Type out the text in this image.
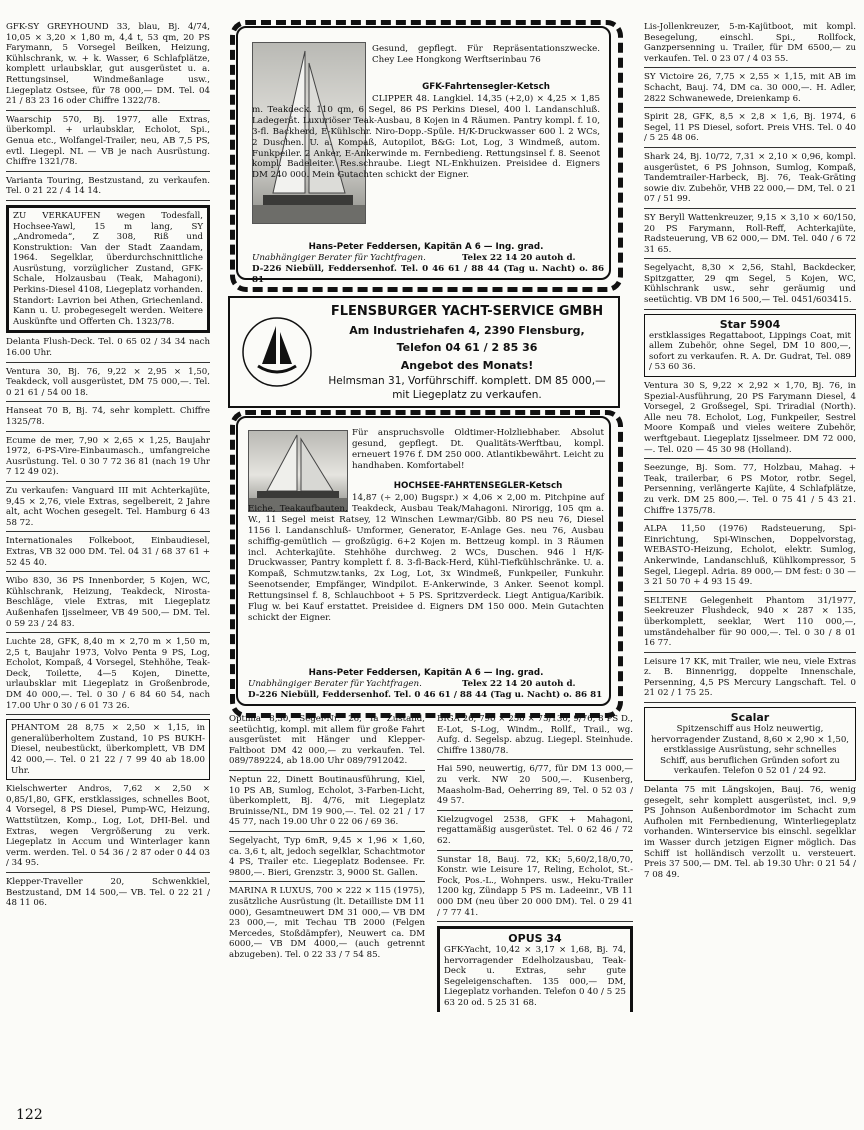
GFK-SY GREYHOUND 33, blau, Bj. 4/74, 10,05 × 3,20 × 1,80 m, 4,4 t, 53 qm, 20 PS Farymann, 5 Vorsegel Beilken, Heizung, Kühlschrank, w. + k. Wasser, 6 Schlafplätze, komplett urlaubsklar, gut ausgerüstet u. a. Rettungsinsel, Windmeßanlage usw., Liegeplatz Ostsee, für 78 000,— DM. Tel. 04 21 / 83 23 16 oder Chiffre 1322/78.
Waarschip 570, Bj. 1977, alle Extras, überkompl. + urlaubsklar, Echolot, Spi., Genua etc., Wolfangel-Trailer, neu, AB 7,5 PS, evtl. Liegepl. NL — VB je nach Ausrüstung. Chiffre 1321/78.
Varianta Touring, Bestzustand, zu verkaufen. Tel. 0 21 22 / 4 14 14.
ZU VERKAUFEN wegen Todesfall, Hochsee-Yawl, 15 m lang, SY „Andromeda“, Z 308, Riß und Konstruktion: Van der Stadt Zaandam, 1964. Segelklar, überdurchschnittliche Ausrüstung, vorzüglicher Zustand, GFK-Schale, Holzausbau (Teak, Mahagoni), Perkins-Diesel 4108, Liegeplatz vorhanden. Standort: Lavrion bei Athen, Griechenland. Kann u. U. probegesegelt werden. Weitere Auskünfte und Offerten Ch. 1323/78.
Delanta Flush-Deck. Tel. 0 65 02 / 34 34 nach 16.00 Uhr.
Ventura 30, Bj. 76, 9,22 × 2,95 × 1,50, Teakdeck, voll ausgerüstet, DM 75 000,—. Tel. 0 21 61 / 54 00 18.
Hanseat 70 B, Bj. 74, sehr komplett. Chiffre 1325/78.
Ecume de mer, 7,90 × 2,65 × 1,25, Baujahr 1972, 6-PS-Vire-Einbaumasch., umfangreiche Ausrüstung. Tel. 0 30 7 72 36 81 (nach 19 Uhr 7 12 49 02).
Zu verkaufen: Vanguard III mit Achterkajüte, 9,45 × 2,76, viele Extras, segelbereit, 2 Jahre alt, acht Wochen gesegelt. Tel. Hamburg 6 43 58 72.
Internationales Folkeboot, Einbaudiesel, Extras, VB 32 000 DM. Tel. 04 31 / 68 37 61 + 52 45 40.
Wibo 830, 36 PS Innenborder, 5 Kojen, WC, Kühlschrank, Heizung, Teakdeck, Nirosta-Beschläge, viele Extras, mit Liegeplatz Außenhafen Ijsselmeer, VB 49 500,— DM. Tel. 0 59 23 / 24 83.
Luchte 28, GFK, 8,40 m × 2,70 m × 1,50 m, 2,5 t, Baujahr 1973, Volvo Penta 9 PS, Log, Echolot, Kompaß, 4 Vorsegel, Stehhöhe, Teak-Deck, Toilette, 4—5 Kojen, Dinette, urlaubsklar mit Liegeplatz in Großenbrode, DM 40 000,—. Tel. 0 30 / 6 84 60 54, nach 17.00 Uhr 0 30 / 6 01 73 26.
PHANTOM 28 8,75 × 2,50 × 1,15, in generalüberholtem Zustand, 10 PS BUKH-Diesel, neubestückt, überkomplett, VB DM 42 000,—. Tel. 0 21 22 / 7 99 40 ab 18.00 Uhr.
Kielschwerter Andros, 7,62 × 2,50 × 0,85/1,80, GFK, erstklassiges, schnelles Boot, 4 Vorsegel, 8 PS Diesel, Pump-WC, Heizung, Wattstützen, Komp., Log, Lot, DHI-Bel. und Extras, wegen Vergrößerung zu verk. Liegeplatz in Accum und Winterlager kann verm. werden. Tel. 0 54 36 / 2 87 oder 0 44 03 / 34 95.
Klepper-Traveller 20, Schwenkkiel, Bestzustand, DM 14 500,— VB. Tel. 0 22 21 / 48 11 06.
Gesund, gepflegt. Für Repräsentationszwecke. Chey Lee Hongkong Werftserinbau 76
GFK-Fahrtensegler-Ketsch
CLIPPER 48. Langkiel. 14,35 (+2,0) × 4,25 × 1,85 m. Teakdeck. 110 qm, 6 Segel, 86 PS Perkins Diesel, 400 l. Landanschluß. Ladegerät. Luxuriöser Teak-Ausbau, 8 Kojen in 4 Räumen. Pantry kompl. f. 10, 3-fl. Backherd, E-Kühlschr. Niro-Dopp.-Spüle. H/K-Druckwasser 600 l. 2 WCs, 2 Duschen. U. a. Kompaß, Autopilot, B&G: Lot, Log, 3 Windmeß, autom. Funkpeiler. 2 Anker, E-Ankerwinde m. Fernbedieng. Rettungsinsel f. 8. Seenot kompl. Badeleiter. Res.schraube. Liegt NL-Enkhuizen. Preisidee d. Eigners DM 240 000. Mein Gutachten schickt der Eigner.
Hans-Peter Feddersen, Kapitän A 6 — Ing. grad.
Unabhängiger Berater für Yachtfragen.	Telex 22 14 20 autoh d.
D-226 Niebüll, Feddersenhof. Tel. 0 46 61 / 88 44 (Tag u. Nacht) o. 86 81
FLENSBURGER YACHT-SERVICE GMBH
Am Industriehafen 4, 2390 Flensburg,
Telefon 04 61 / 2 85 36
Angebot des Monats!
Helmsman 31, Vorführschiff. komplett. DM 85 000,—
mit Liegeplatz zu verkaufen.
Für anspruchsvolle Oldtimer-Holzliebhaber. Absolut gesund, gepflegt. Dt. Qualitäts-Werftbau, kompl. erneuert 1976 f. DM 250 000. Atlantikbewährt. Leicht zu handhaben. Komfortabel!
HOCHSEE-FAHRTENSEGLER-Ketsch
14,87 (÷ 2,00) Bugspr.) × 4,06 × 2,00 m. Pitchpine auf Eiche, Teakaufbauten, Teakdeck, Ausbau Teak/Mahagoni. Nirorigg, 105 qm a. W., 11 Segel meist Ratsey, 12 Winschen Lewmar/Gibb. 80 PS neu 76, Diesel 1156 l. Landanschluß- Umformer, Generator, E-Anlage Ges. neu 76, Ausbau schiffig-gemütlich — großzügig. 6+2 Kojen m. Bettzeug kompl. in 3 Räumen incl. Achterkajüte. Stehhöhe durchweg. 2 WCs, Duschen. 946 l H/K-Druckwasser, Pantry komplett f. 8. 3-fl-Back-Herd, Kühl-Tiefkühlschränke. U. a. Kompaß, Schmutzw.tanks, 2x Log, Lot, 3x Windmeß, Funkpeiler, Funkuhr. Seenotsender, Empfänger, Windpilot. E-Ankerwinde, 3 Anker. Seenot kompl. Rettungsinsel f. 8, Schlauchboot + 5 PS. Spritzverdeck. Liegt Antigua/Karibik. Flug w. bei Kauf erstattet. Preisidee d. Eigners DM 150 000. Mein Gutachten schickt der Eigner.
Hans-Peter Feddersen, Kapitän A 6 — Ing. grad.
Unabhängiger Berater für Yachtfragen.	Telex 22 14 20 autoh d.
D-226 Niebüll, Feddersenhof. Tel. 0 46 61 / 88 44 (Tag u. Nacht) o. 86 81
Optima 8,30, Segel-Nr. 26, Ia Zustand, seetüchtig, kompl. mit allem für große Fahrt ausgerüstet mit Hänger und Klepper-Faltboot DM 42 000,— zu verkaufen. Tel. 089/789224, ab 18.00 Uhr 089/7912042.
Neptun 22, Dinett Boutinausführung, Kiel, 10 PS AB, Sumlog, Echolot, 3-Farben-Licht, überkomplett, Bj. 4/76, mit Liegeplatz Bruinisse/NL, DM 19 900,—. Tel. 02 21 / 17 45 77, nach 19.00 Uhr 0 22 06 / 69 36.
Segelyacht, Typ 6mR, 9,45 × 1,96 × 1,60, ca. 3,6 t, alt, jedoch segelklar, Schachtmotor 4 PS, Trailer etc. Liegeplatz Bodensee. Fr. 9800,—. Bieri, Grenzstr. 3, 9000 St. Gallen.
MARINA R LUXUS, 700 × 222 × 115 (1975), zusätzliche Ausrüstung (lt. Detailliste DM 11 000), Gesamtneuwert DM 31 000,— VB DM 23 000,—, mit Techau TB 2000 (Felgen Mercedes, Stoßdämpfer), Neuwert ca. DM 6000,— VB DM 4000,— (auch getrennt abzugeben). Tel. 0 22 33 / 7 54 85.
BIGA 26, 790 × 250 × 75/130, 9/76, 8 PS D., E-Lot, S-Log, Windm., Rollf., Trail., wg. Aufg. d. Segelsp. abzug. Liegepl. Steinhude. Chiffre 1380/78.
Hai 590, neuwertig, 6/77, für DM 13 000,— zu verk. NW 20 500,—. Kusenberg, Maasholm-Bad, Oeherring 89, Tel. 0 52 03 / 49 57.
Kielzugvogel 2538, GFK + Mahagoni, regattamäßig ausgerüstet. Tel. 0 62 46 / 72 62.
Sunstar 18, Bauj. 72, KK; 5,60/2,18/0,70, Konstr. wie Leisure 17, Reling, Echolot, St.-Fock, Pos.-L., Wohnpers. usw., Heku-Trailer 1200 kg, Zündapp 5 PS m. Ladeeinr., VB 11 000 DM (neu über 20 000 DM). Tel. 0 29 41 / 7 77 41.
OPUS 34
GFK-Yacht, 10,42 × 3,17 × 1,68, Bj. 74, hervorragender Edelholzausbau, Teak-Deck u. Extras, sehr gute Segeleigenschaften. 135 000,— DM, Liegeplatz vorhanden. Telefon 0 40 / 5 25 63 20 od. 5 25 31 68.
Lis-Jollenkreuzer, 5-m-Kajütboot, mit kompl. Besegelung, einschl. Spi., Rollfock, Ganzpersenning u. Trailer, für DM 6500,— zu verkaufen. Tel. 0 23 07 / 4 03 55.
SY Victoire 26, 7,75 × 2,55 × 1,15, mit AB im Schacht, Bauj. 74, DM ca. 30 000,—. H. Adler, 2822 Schwanewede, Dreienkamp 6.
Spirit 28, GFK, 8,5 × 2,8 × 1,6, Bj. 1974, 6 Segel, 11 PS Diesel, sofort. Preis VHS. Tel. 0 40 / 5 25 48 06.
Shark 24, Bj. 10/72, 7,31 × 2,10 × 0,96, kompl. ausgerüstet, 6 PS Johnson, Sumlog, Kompaß, Tandemtrailer-Harbeck, Bj. 76, Teak-Gräting sowie div. Zubehör, VHB 22 000,— DM, Tel. 0 21 07 / 51 99.
SY Beryll Wattenkreuzer, 9,15 × 3,10 × 60/150, 20 PS Farymann, Roll-Reff, Achterkajüte, Radsteuerung, VB 62 000,— DM. Tel. 040 / 6 72 31 65.
Segelyacht, 8,30 × 2,56, Stahl, Backdecker, Spitzgatter, 29 qm Segel, 5 Kojen, WC, Kühlschrank usw., sehr geräumig und seetüchtig. VB DM 16 500,— Tel. 0451/603415.
Star 5904
erstklassiges Regattaboot, Lippings Coat, mit allem Zubehör, ohne Segel, DM 10 800,—, sofort zu verkaufen. R. A. Dr. Gudrat, Tel. 089 / 53 60 36.
Ventura 30 S, 9,22 × 2,92 × 1,70, Bj. 76, in Spezial-Ausführung, 20 PS Farymann Diesel, 4 Vorsegel, 2 Großsegel, Spi. Triradial (North). Alle neu 78. Echolot, Log, Funkpeiler, Sestrel Moore Kompaß und vieles weitere Zubehör, werftgebaut. Liegeplatz Ijsselmeer. DM 72 000,—. Tel. 020 — 45 30 98 (Holland).
Seezunge, Bj. Som. 77, Holzbau, Mahag. + Teak, trailerbar, 6 PS Motor, rotbr. Segel, Persenning, verlängerte Kajüte, 4 Schlafplätze, zu verk. DM 25 800,—. Tel. 0 75 41 / 5 43 21. Chiffre 1375/78.
ALPA 11,50 (1976) Radsteuerung, Spi-Einrichtung, Spi-Winschen, Doppelvorstag, WEBASTO-Heizung, Echolot, elektr. Sumlog, Ankerwinde, Landanschluß, Kühlkompressor, 5 Segel, Liegepl. Adria. 89 000,— DM fest: 0 30 — 3 21 50 70 + 4 93 15 49.
SELTENE Gelegenheit Phantom 31/1977, Seekreuzer Flushdeck, 940 × 287 × 135, überkomplett, seeklar, Wert 110 000,—, umständehalber für 90 000,—. Tel. 0 30 / 8 01 16 77.
Leisure 17 KK, mit Trailer, wie neu, viele Extras z. B. Binnenrigg, doppelte Innenschale, Persenning, 4,5 PS Mercury Langschaft. Tel. 0 21 02 / 1 75 25.
Scalar
Spitzenschiff aus Holz neuwertig, hervorragender Zustand, 8,60 × 2,90 × 1,50, erstklassige Ausrüstung, sehr schnelles Schiff, aus beruflichen Gründen sofort zu verkaufen. Telefon 0 52 01 / 24 92.
Delanta 75 mit Längskojen, Bauj. 76, wenig gesegelt, sehr komplett ausgerüstet, incl. 9,9 PS Johnson Außenbordmotor im Schacht zum Aufholen mit Fernbedienung, Winterliegeplatz vorhanden. Winterservice bis einschl. segelklar im Wasser durch jetzigen Eigner möglich. Das Schiff ist holländisch verzollt u. versteuert. Preis 37 500,— DM. Tel. ab 19.30 Uhr: 0 21 54 / 7 08 49.
122
